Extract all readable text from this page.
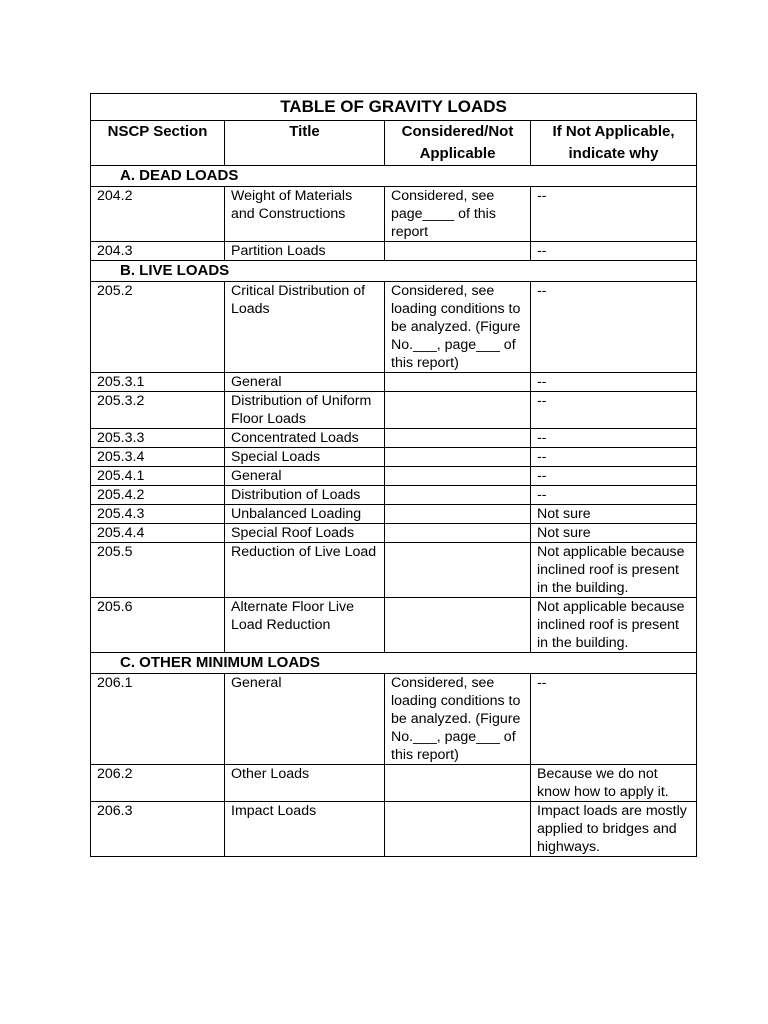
TABLE OF GRAVITY LOADS			
NSCP Section	Title	Considered/Not Applicable	If Not Applicable, indicate why
A. DEAD LOADS			
204.2	Weight of Materials and Constructions	Considered, see page____ of this report	--
204.3	Partition Loads		--
B. LIVE LOADS			
205.2	Critical Distribution of Loads	Considered, see loading conditions to be analyzed. (Figure No.___, page___ of this report)	--
205.3.1	General		--
205.3.2	Distribution of Uniform Floor Loads		--
205.3.3	Concentrated Loads		--
205.3.4	Special Loads		--
205.4.1	General		--
205.4.2	Distribution of Loads		--
205.4.3	Unbalanced Loading		Not sure
205.4.4	Special Roof Loads		Not sure
205.5	Reduction of Live Load		Not applicable because inclined roof is present in the building.
205.6	Alternate Floor Live Load Reduction		Not applicable because inclined roof is present in the building.
C. OTHER MINIMUM LOADS			
206.1	General	Considered, see loading conditions to be analyzed. (Figure No.___, page___ of this report)	--
206.2	Other Loads		Because we do not know how to apply it.
206.3	Impact Loads		Impact loads are mostly applied to bridges and highways.
